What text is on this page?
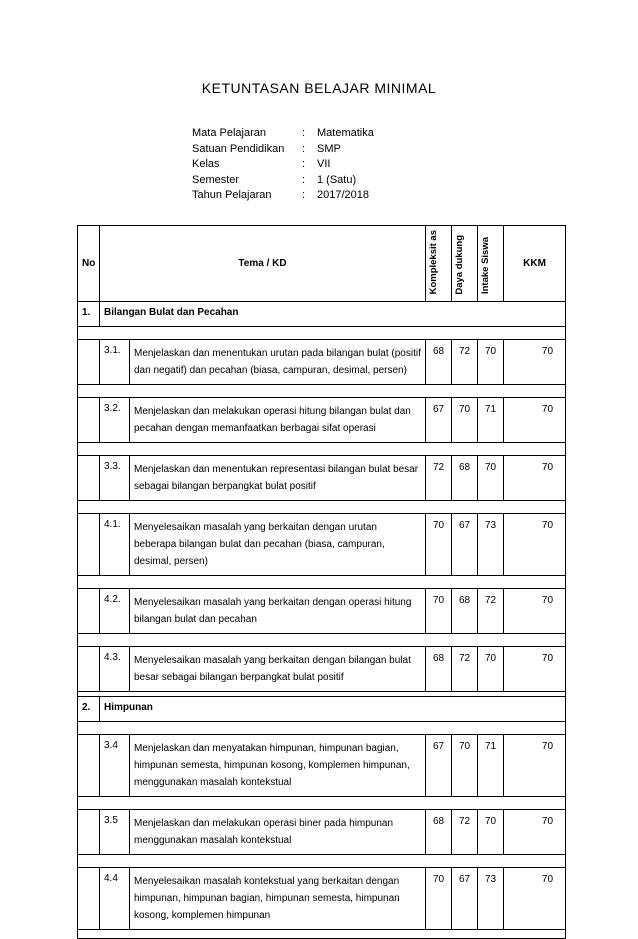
KETUNTASAN BELAJAR MINIMAL
Mata Pelajaran	:	Matematika
Satuan Pendidikan	:	SMP
Kelas	:	VII
Semester	:	1 (Satu)
Tahun Pelajaran	:	2017/2018
No	Tema / KD		Kompleksit as	Daya dukung	Intake Siswa	KKM
1.	Bilangan Bulat dan Pecahan					

	3.1.	Menjelaskan dan menentukan urutan pada bilangan bulat (positif dan negatif) dan pecahan (biasa, campuran, desimal, persen)	68	72	70	70

	3.2.	Menjelaskan dan melakukan operasi hitung bilangan bulat dan pecahan dengan memanfaatkan berbagai sifat operasi	67	70	71	70

	3.3.	Menjelaskan dan menentukan representasi bilangan bulat besar sebagai bilangan berpangkat bulat positif	72	68	70	70

	4.1.	Menyelesaikan masalah yang berkaitan dengan urutan beberapa bilangan bulat dan pecahan (biasa, campuran, desimal, persen)	70	67	73	70

	4.2.	Menyelesaikan masalah yang berkaitan dengan operasi hitung bilangan bulat dan pecahan	70	68	72	70

	4.3.	Menyelesaikan masalah yang berkaitan dengan bilangan bulat besar sebagai bilangan berpangkat bulat positif	68	72	70	70

2.	Himpunan					

	3.4	Menjelaskan dan menyatakan himpunan, himpunan bagian, himpunan semesta, himpunan kosong, komplemen himpunan, menggunakan masalah kontekstual	67	70	71	70

	3.5	Menjelaskan dan melakukan operasi biner pada himpunan menggunakan masalah kontekstual	68	72	70	70

	4.4	Menyelesaikan masalah kontekstual yang berkaitan dengan himpunan, himpunan bagian, himpunan semesta, himpunan kosong, komplemen himpunan	70	67	73	70
